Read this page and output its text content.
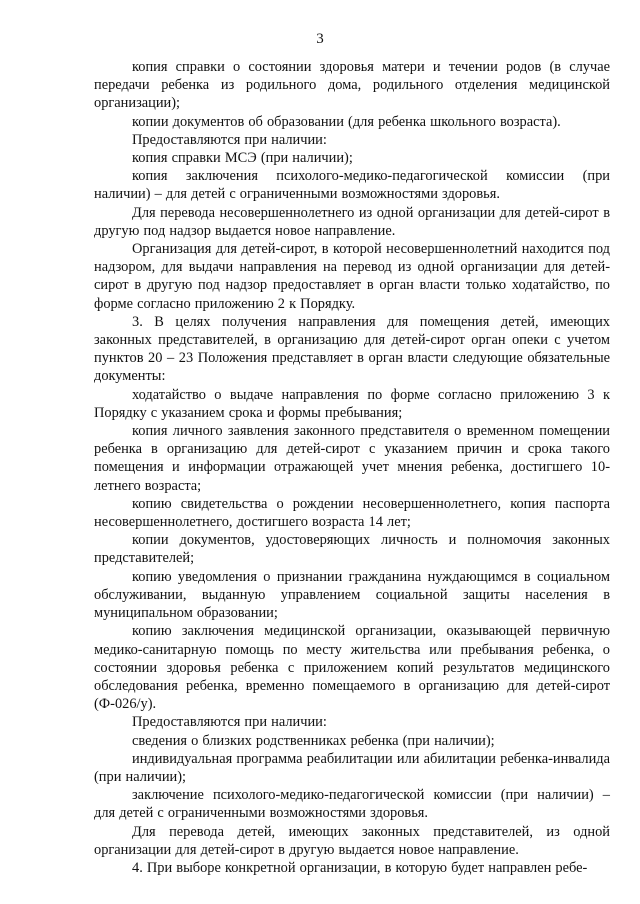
3

копия справки о состоянии здоровья матери и течении родов (в случае передачи ребенка из родильного дома, родильного отделения медицинской организации);

копии документов об образовании (для ребенка школьного возраста).

Предоставляются при наличии:

копия справки МСЭ (при наличии);

копия заключения психолого-медико-педагогической комиссии (при наличии) – для детей с ограниченными возможностями здоровья.

Для перевода несовершеннолетнего из одной организации для детей-сирот в другую под надзор выдается новое направление.

Организация для детей-сирот, в которой несовершеннолетний находится под надзором, для выдачи направления на перевод из одной организации для детей-сирот в другую под надзор предоставляет в орган власти только ходатайство, по форме согласно приложению 2 к Порядку.

3. В целях получения направления для помещения детей, имеющих законных представителей, в организацию для детей-сирот орган опеки с учетом пунктов 20 – 23 Положения представляет в орган власти следующие обязательные документы:

ходатайство о выдаче направления по форме согласно приложению 3 к Порядку с указанием срока и формы пребывания;

копия личного заявления законного представителя о временном помещении ребенка в организацию для детей-сирот с указанием причин и срока такого помещения и информации отражающей учет мнения ребенка, достигшего 10-летнего возраста;

копию свидетельства о рождении несовершеннолетнего, копия паспорта несовершеннолетнего, достигшего возраста 14 лет;

копии документов, удостоверяющих личность и полномочия законных представителей;

копию уведомления о признании гражданина нуждающимся в социальном обслуживании, выданную управлением социальной защиты населения в муниципальном образовании;

копию заключения медицинской организации, оказывающей первичную медико-санитарную помощь по месту жительства или пребывания ребенка, о состоянии здоровья ребенка с приложением копий результатов медицинского обследования ребенка, временно помещаемого в организацию для детей-сирот (Ф-026/у).

Предоставляются при наличии:

сведения о близких родственниках ребенка (при наличии);

индивидуальная программа реабилитации или абилитации ребенка-инвалида (при наличии);

заключение психолого-медико-педагогической комиссии (при наличии) – для детей с ограниченными возможностями здоровья.

Для перевода детей, имеющих законных представителей, из одной организации для детей-сирот в другую выдается новое направление.

4. При выборе конкретной организации, в которую будет направлен ребе-
